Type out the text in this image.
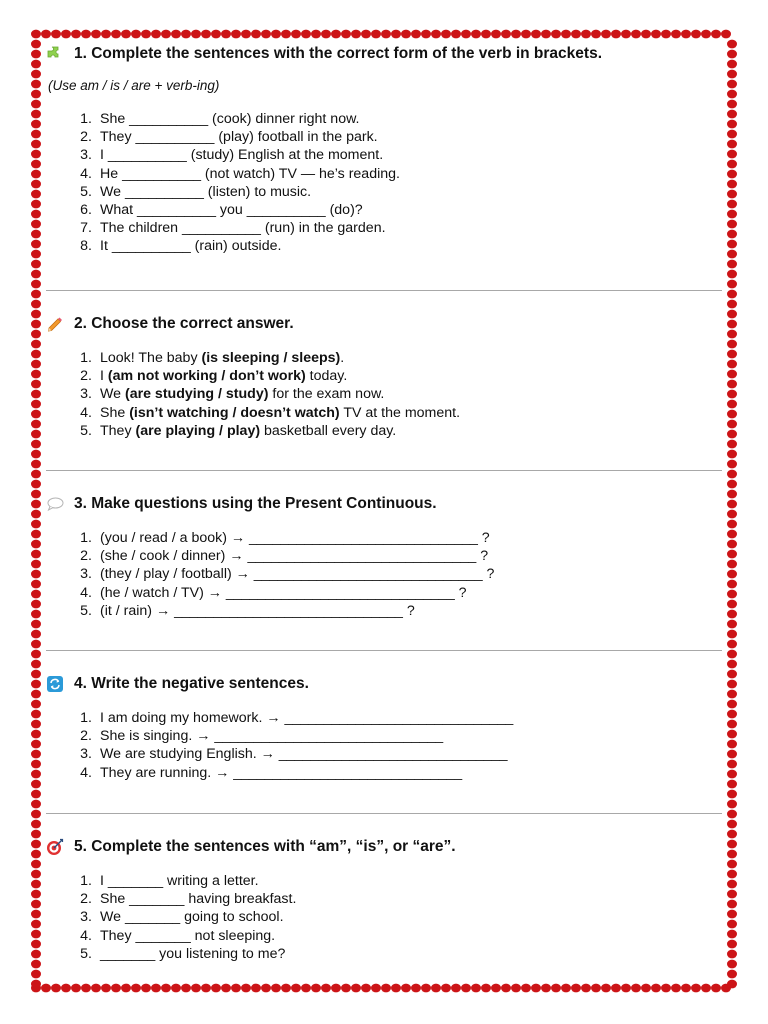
1. Complete the sentences with the correct form of the verb in brackets.

(Use am / is / are + verb-ing)

1. She __________ (cook) dinner right now.
2. They __________ (play) football in the park.
3. I __________ (study) English at the moment.
4. He __________ (not watch) TV — he’s reading.
5. We __________ (listen) to music.
6. What __________ you __________ (do)?
7. The children __________ (run) in the garden.
8. It __________ (rain) outside.
2. Choose the correct answer.
1. Look! The baby (is sleeping / sleeps).
2. I (am not working / don’t work) today.
3. We (are studying / study) for the exam now.
4. She (isn’t watching / doesn’t watch) TV at the moment.
5. They (are playing / play) basketball every day.
3. Make questions using the Present Continuous.
1. (you / read / a book) → _____________________________ ?
2. (she / cook / dinner) → _____________________________ ?
3. (they / play / football) → _____________________________ ?
4. (he / watch / TV) → _____________________________ ?
5. (it / rain) → _____________________________ ?
4. Write the negative sentences.
1. I am doing my homework. → _____________________________
2. She is singing. → _____________________________
3. We are studying English. → _____________________________
4. They are running. → _____________________________
5. Complete the sentences with “am”, “is”, or “are”.
1. I _______ writing a letter.
2. She _______ having breakfast.
3. We _______ going to school.
4. They _______ not sleeping.
5. _______ you listening to me?
